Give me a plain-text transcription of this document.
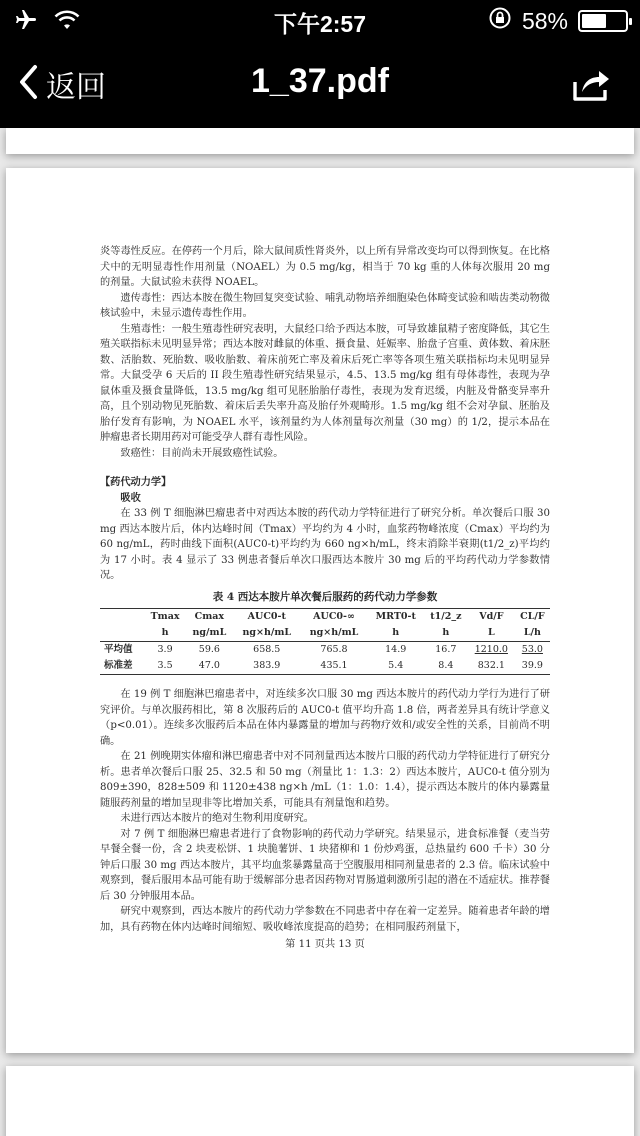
下午2:57	58%
返回	1_37.pdf

炎等毒性反应。在停药一个月后，除大鼠间质性肾炎外，以上所有异常改变均可以得到恢复。在比格犬中的无明显毒性作用剂量（NOAEL）为 0.5 mg/kg，相当于 70 kg 重的人体每次服用 20 mg 的剂量。大鼠试验未获得 NOAEL。

遗传毒性：西达本胺在微生物回复突变试验、哺乳动物培养细胞染色体畸变试验和啮齿类动物微核试验中，未显示遗传毒性作用。

生殖毒性：一般生殖毒性研究表明，大鼠经口给予西达本胺，可导致雄鼠精子密度降低，其它生殖关联指标未见明显异常；西达本胺对雌鼠的体重、摄食量、妊娠率、胎盘子宫重、黄体数、着床胚数、活胎数、死胎数、吸收胎数、着床前死亡率及着床后死亡率等各项生殖关联指标均未见明显异常。大鼠受孕 6 天后的 II 段生殖毒性研究结果显示，4.5、13.5 mg/kg 组有母体毒性，表现为孕鼠体重及摄食量降低，13.5 mg/kg 组可见胚胎胎仔毒性，表现为发育迟缓，内脏及骨骼变异率升高，且个别动物见死胎数、着床后丢失率升高及胎仔外观畸形。1.5 mg/kg 组不会对孕鼠、胚胎及胎仔发育有影响，为 NOAEL 水平，该剂量约为人体剂量每次剂量（30 mg）的 1/2，提示本品在肿瘤患者长期用药对可能受孕人群有毒性风险。

致癌性：目前尚未开展致癌性试验。

【药代动力学】

吸收

在 33 例 T 细胞淋巴瘤患者中对西达本胺的药代动力学特征进行了研究分析。单次餐后口服 30 mg 西达本胺片后，体内达峰时间（Tmax）平均约为 4 小时，血浆药物峰浓度（Cmax）平均约为 60 ng/mL，药时曲线下面积(AUC0-t)平均约为 660 ng×h/mL，终末消除半衰期(t1/2_z)平均约为 17 小时。表 4 显示了 33 例患者餐后单次口服西达本胺片 30 mg 后的平均药代动力学参数情况。

表 4 西达本胺片单次餐后服药的药代动力学参数

	Tmax	Cmax	AUC0-t	AUC0-∞	MRT0-t	t1/2_z	Vd/F	CL/F
	h	ng/mL	ng×h/mL	ng×h/mL	h	h	L	L/h
平均值	3.9	59.6	658.5	765.8	14.9	16.7	1210.0	53.0
标准差	3.5	47.0	383.9	435.1	5.4	8.4	832.1	39.9

在 19 例 T 细胞淋巴瘤患者中，对连续多次口服 30 mg 西达本胺片的药代动力学行为进行了研究评价。与单次服药相比，第 8 次服药后的 AUC0-t 值平均升高 1.8 倍，两者差异具有统计学意义（p<0.01）。连续多次服药后本品在体内暴露量的增加与药物疗效和/或安全性的关系，目前尚不明确。

在 21 例晚期实体瘤和淋巴瘤患者中对不同剂量西达本胺片口服的药代动力学特征进行了研究分析。患者单次餐后口服 25、32.5 和 50 mg（剂量比 1：1.3：2）西达本胺片，AUC0-t 值分别为 809±390，828±509 和 1120±438 ng×h /mL（1：1.0：1.4），提示西达本胺片的体内暴露量随服药剂量的增加呈现非等比增加关系，可能具有剂量饱和趋势。

未进行西达本胺片的绝对生物利用度研究。

对 7 例 T 细胞淋巴瘤患者进行了食物影响的药代动力学研究。结果显示，进食标准餐（麦当劳早餐全餐一份，含 2 块麦松饼、1 块脆薯饼、1 块猪柳和 1 份炒鸡蛋，总热量约 600 千卡）30 分钟后口服 30 mg 西达本胺片，其平均血浆暴露量高于空腹服用相同剂量患者的 2.3 倍。临床试验中观察到，餐后服用本品可能有助于缓解部分患者因药物对胃肠道刺激所引起的潜在不适症状。推荐餐后 30 分钟服用本品。

研究中观察到，西达本胺片的药代动力学参数在不同患者中存在着一定差异。随着患者年龄的增加，具有药物在体内达峰时间缩短、吸收峰浓度提高的趋势；在相同服药剂量下，

第 11 页共 13 页
